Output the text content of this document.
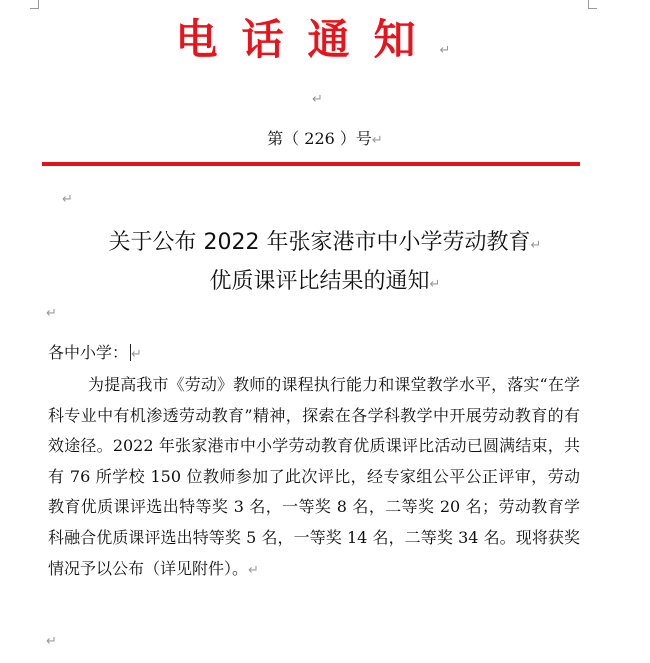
电话通知↵
↵
第（ 226 ）号↵
↵
关于公布 2022 年张家港市中小学劳动教育↵
优质课评比结果的通知↵
↵
各中小学： ↵

为提高我市《劳动》教师的课程执行能力和课堂教学水平，落实“在学科专业中有机渗透劳动教育”精神，探索在各学科教学中开展劳动教育的有效途径。2022 年张家港市中小学劳动教育优质课评比活动已圆满结束，共有 76 所学校 150 位教师参加了此次评比，经专家组公平公正评审，劳动教育优质课评选出特等奖 3 名，一等奖 8 名，二等奖 20 名；劳动教育学科融合优质课评选出特等奖 5 名，一等奖 14 名，二等奖 34 名。现将获奖情况予以公布（详见附件）。↵

↵
